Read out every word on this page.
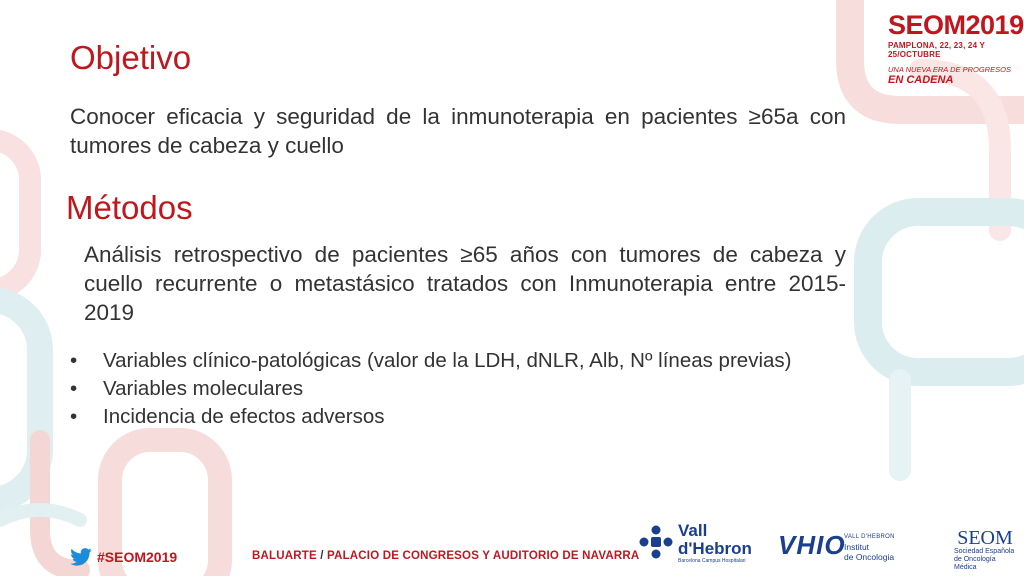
Objetivo
Conocer eficacia y seguridad de la inmunoterapia en pacientes ≥65a con tumores de cabeza y cuello
Métodos
Análisis retrospectivo de pacientes ≥65 años con tumores de cabeza y cuello recurrente o metastásico tratados con Inmunoterapia entre 2015-2019
• Variables clínico-patológicas (valor de la LDH, dNLR, Alb, Nº líneas previas)
• Variables moleculares
• Incidencia de efectos adversos
SEOM2019
PAMPLONA, 22, 23, 24 Y 25/OCTUBRE
UNA NUEVA ERA DE PROGRESOS EN CADENA
#SEOM2019	BALUARTE / PALACIO DE CONGRESOS Y AUDITORIO DE NAVARRA
Vall d'Hebron
Barcelona Campus Hospitalari
VHIO
VALL D'HEBRON
Institut
de Oncologia
SEOM
Sociedad Española
de Oncología Médica
